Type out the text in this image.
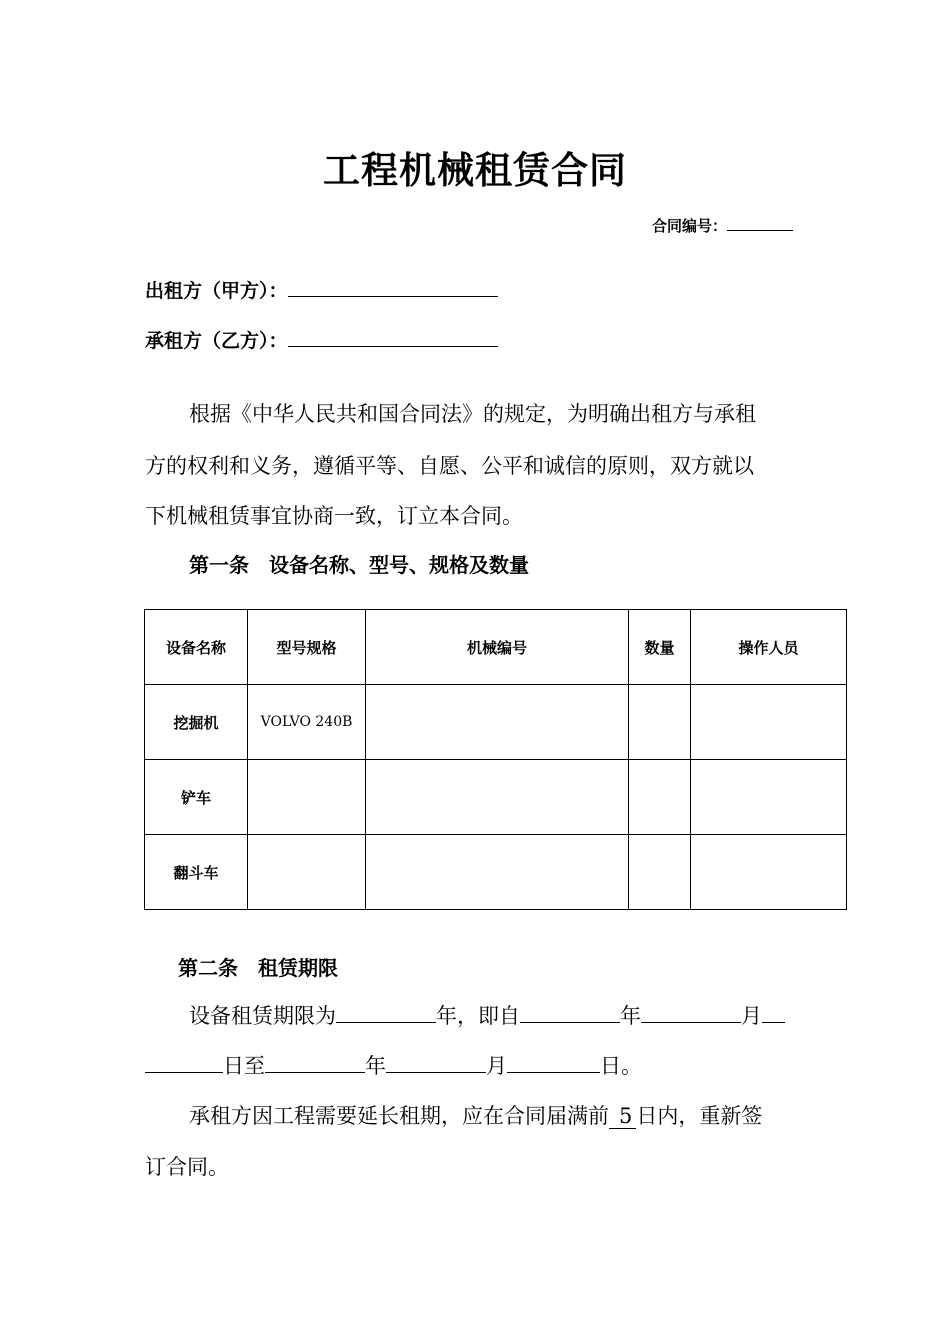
工程机械租赁合同
合同编号：
出租方（甲方）：
承租方（乙方）：
根据《中华人民共和国合同法》的规定，为明确出租方与承租
方的权利和义务，遵循平等、自愿、公平和诚信的原则，双方就以
下机械租赁事宜协商一致，订立本合同。
第一条　设备名称、型号、规格及数量
设备名称	型号规格	机械编号	数量	操作人员
挖掘机	VOLVO 240B			
铲车				
翻斗车				
第二条　租赁期限
设备租赁期限为	年，即自	年	月
日至	年	月	日。
承租方因工程需要延长租期，应在合同届满前 5 日内，重新签
订合同。
